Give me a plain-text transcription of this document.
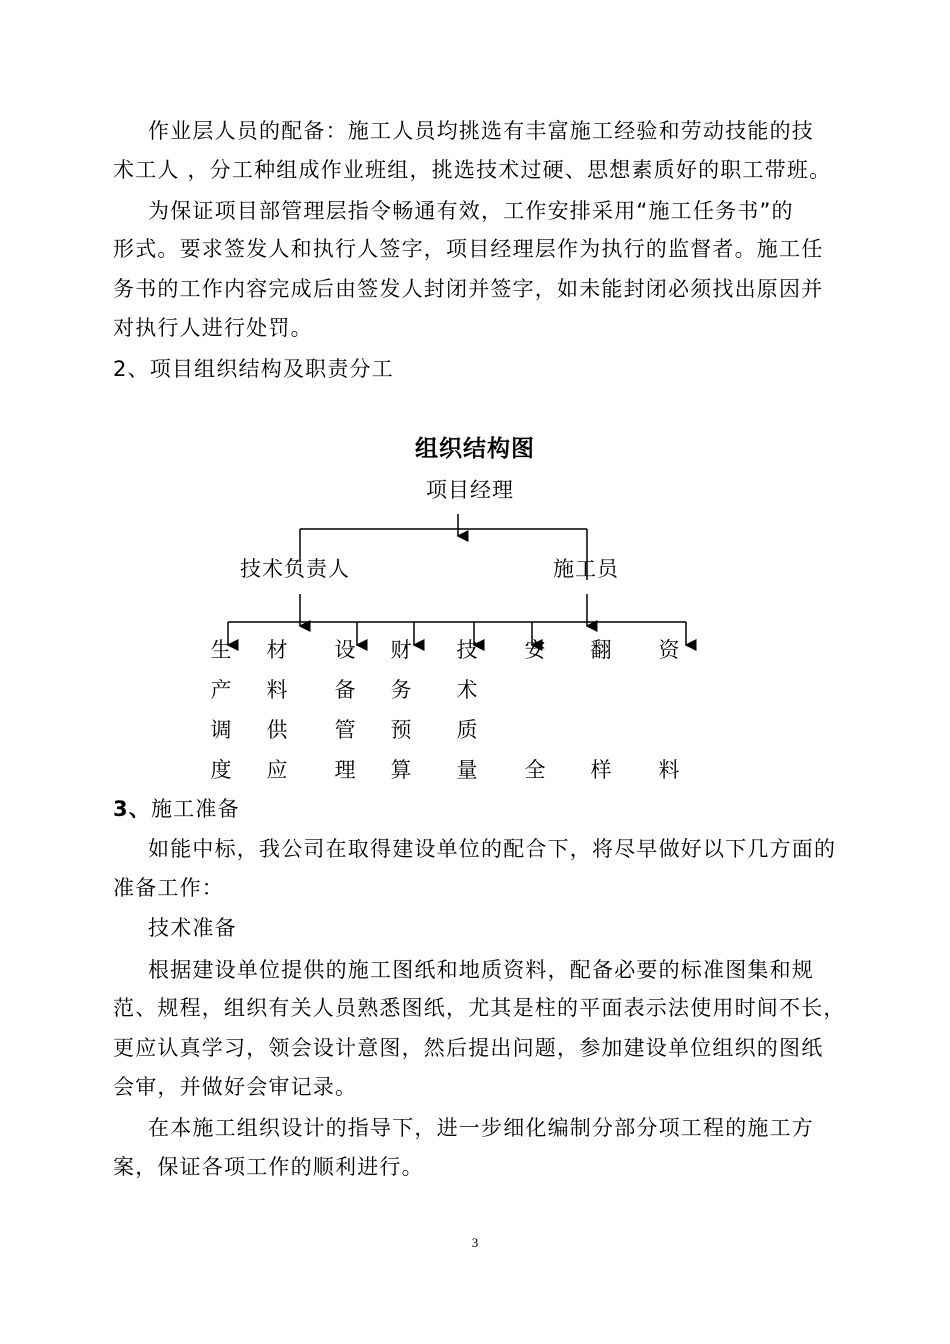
作业层人员的配备：施工人员均挑选有丰富施工经验和劳动技能的技
术工人 ，分工种组成作业班组，挑选技术过硬、思想素质好的职工带班。
为保证项目部管理层指令畅通有效，工作安排采用“施工任务书”的
形式。要求签发人和执行人签字，项目经理层作为执行的监督者。施工任
务书的工作内容完成后由签发人封闭并签字，如未能封闭必须找出原因并
对执行人进行处罚。
2、项目组织结构及职责分工
组织结构图
项目经理
技术负责人	施工员
生
产
调
度
材
料
供
应
设
备
管
理
财
务
预
算
技
术
质
量
安
全
翻
样
资
料
3、施工准备
如能中标，我公司在取得建设单位的配合下，将尽早做好以下几方面的
准备工作：
技术准备
根据建设单位提供的施工图纸和地质资料，配备必要的标准图集和规
范、规程，组织有关人员熟悉图纸，尤其是柱的平面表示法使用时间不长，
更应认真学习，领会设计意图，然后提出问题，参加建设单位组织的图纸
会审，并做好会审记录。
在本施工组织设计的指导下，进一步细化编制分部分项工程的施工方
案，保证各项工作的顺利进行。
3
